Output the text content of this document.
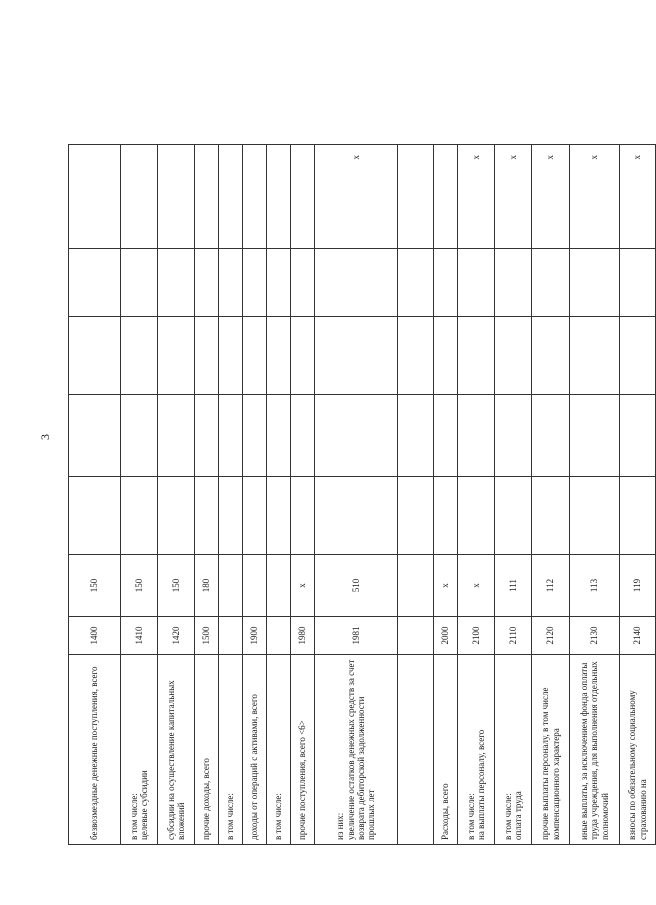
3
безвозмездные денежные поступления, всего	1400	150					
в том числе:
целевые субсидии	1410	150					
субсидии на осуществление капитальных вложений	1420	150					
прочие доходы, всего	1500	180					
в том числе:							
доходы от операций с активами, всего	1900						
в том числе:							
прочие поступления, всего <6>	1980	x					
из них:
увеличение остатков денежных средств за счет возврата дебиторской задолженности прошлых лет	1981	510					x

Расходы, всего	2000	x					
в том числе:
на выплаты персоналу, всего	2100	x					x
в том числе:
оплата труда	2110	111					x
прочие выплаты персоналу, в том числе компенсационного характера	2120	112					x
иные выплаты, за исключением фонда оплаты труда учреждения, для выполнения отдельных полномочий	2130	113					x
взносы по обязательному социальному страхованию на	2140	119					x
